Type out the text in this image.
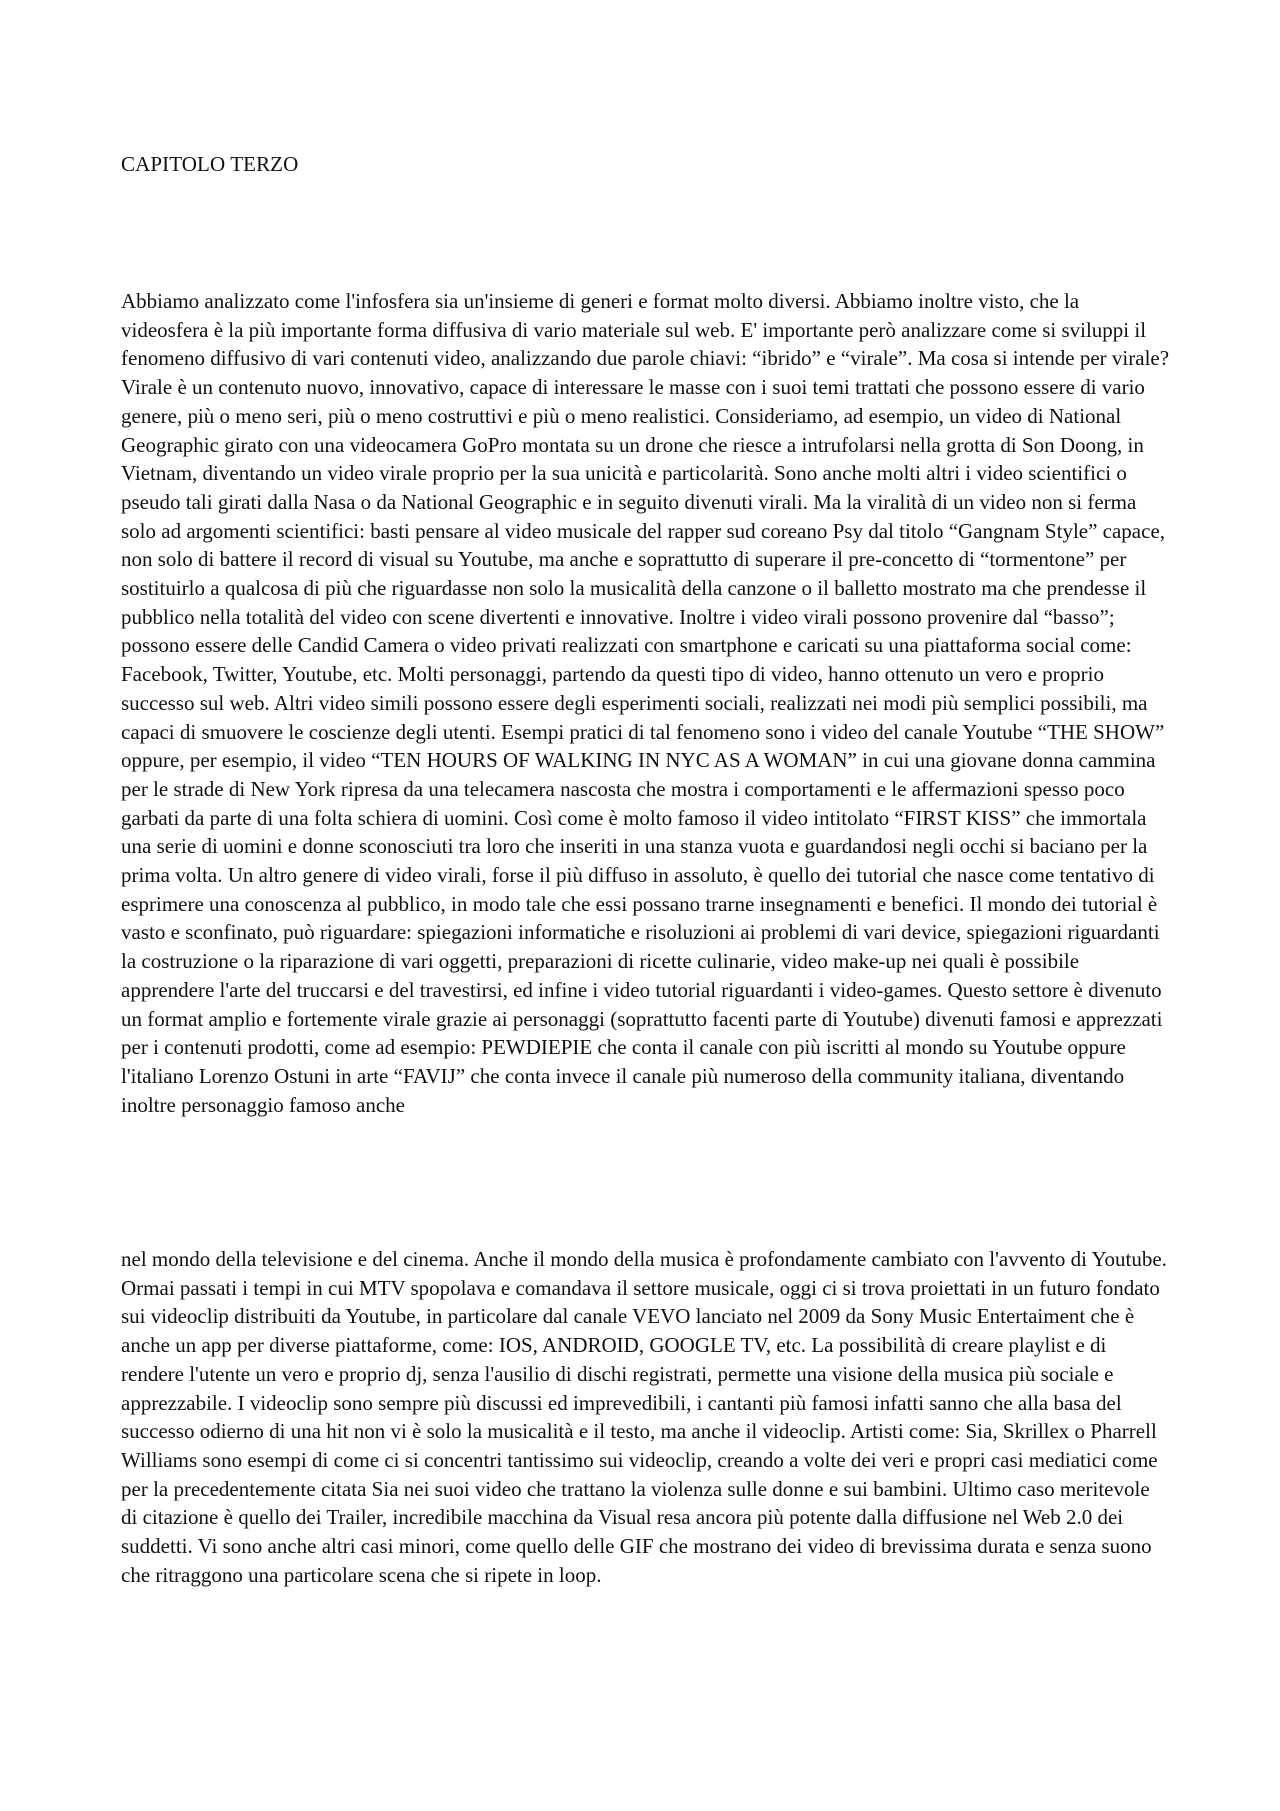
CAPITOLO TERZO

Abbiamo analizzato come l'infosfera sia un'insieme di generi e format molto diversi. Abbiamo inoltre visto, che la videosfera è la più importante forma diffusiva di vario materiale sul web. E' importante però analizzare come si sviluppi il fenomeno diffusivo di vari contenuti video, analizzando due parole chiavi: “ibrido” e “virale”. Ma cosa si intende per virale? Virale è un contenuto nuovo, innovativo, capace di interessare le masse con i suoi temi trattati che possono essere di vario genere, più o meno seri, più o meno costruttivi e più o meno realistici. Consideriamo, ad esempio, un video di National Geographic girato con una videocamera GoPro montata su un drone che riesce a intrufolarsi nella grotta di Son Doong, in Vietnam, diventando un video virale proprio per la sua unicità e particolarità. Sono anche molti altri i video scientifici o pseudo tali girati dalla Nasa o da National Geographic e in seguito divenuti virali. Ma la viralità di un video non si ferma solo ad argomenti scientifici: basti pensare al video musicale del rapper sud coreano Psy dal titolo “Gangnam Style” capace, non solo di battere il record di visual su Youtube, ma anche e soprattutto di superare il pre-concetto di “tormentone” per sostituirlo a qualcosa di più che riguardasse non solo la musicalità della canzone o il balletto mostrato ma che prendesse il pubblico nella totalità del video con scene divertenti e innovative. Inoltre i video virali possono provenire dal “basso”; possono essere delle Candid Camera o video privati realizzati con smartphone e caricati su una piattaforma social come: Facebook, Twitter, Youtube, etc. Molti personaggi, partendo da questi tipo di video, hanno ottenuto un vero e proprio successo sul web. Altri video simili possono essere degli esperimenti sociali, realizzati nei modi più semplici possibili, ma capaci di smuovere le coscienze degli utenti. Esempi pratici di tal fenomeno sono i video del canale Youtube “THE SHOW” oppure, per esempio, il video “TEN HOURS OF WALKING IN NYC AS A WOMAN” in cui una giovane donna cammina per le strade di New York ripresa da una telecamera nascosta che mostra i comportamenti e le affermazioni spesso poco garbati da parte di una folta schiera di uomini. Così come è molto famoso il video intitolato “FIRST KISS” che immortala una serie di uomini e donne sconosciuti tra loro che inseriti in una stanza vuota e guardandosi negli occhi si baciano per la prima volta. Un altro genere di video virali, forse il più diffuso in assoluto, è quello dei tutorial che nasce come tentativo di esprimere una conoscenza al pubblico, in modo tale che essi possano trarne insegnamenti e benefici. Il mondo dei tutorial è vasto e sconfinato, può riguardare: spiegazioni informatiche e risoluzioni ai problemi di vari device, spiegazioni riguardanti la costruzione o la riparazione di vari oggetti, preparazioni di ricette culinarie, video make-up nei quali è possibile apprendere l'arte del truccarsi e del travestirsi, ed infine i video tutorial riguardanti i video-games. Questo settore è divenuto un format amplio e fortemente virale grazie ai personaggi (soprattutto facenti parte di Youtube) divenuti famosi e apprezzati per i contenuti prodotti, come ad esempio: PEWDIEPIE che conta il canale con più iscritti al mondo su Youtube oppure l'italiano Lorenzo Ostuni in arte “FAVIJ” che conta invece il canale più numeroso della community italiana, diventando inoltre personaggio famoso anche

nel mondo della televisione e del cinema. Anche il mondo della musica è profondamente cambiato con l'avvento di Youtube. Ormai passati i tempi in cui MTV spopolava e comandava il settore musicale, oggi ci si trova proiettati in un futuro fondato sui videoclip distribuiti da Youtube, in particolare dal canale VEVO lanciato nel 2009 da Sony Music Entertaiment che è anche un app per diverse piattaforme, come: IOS, ANDROID, GOOGLE TV, etc. La possibilità di creare playlist e di rendere l'utente un vero e proprio dj, senza l'ausilio di dischi registrati, permette una visione della musica più sociale e apprezzabile. I videoclip sono sempre più discussi ed imprevedibili, i cantanti più famosi infatti sanno che alla basa del successo odierno di una hit non vi è solo la musicalità e il testo, ma anche il videoclip. Artisti come: Sia, Skrillex o Pharrell Williams sono esempi di come ci si concentri tantissimo sui videoclip, creando a volte dei veri e propri casi mediatici come per la precedentemente citata Sia nei suoi video che trattano la violenza sulle donne e sui bambini. Ultimo caso meritevole di citazione è quello dei Trailer, incredibile macchina da Visual resa ancora più potente dalla diffusione nel Web 2.0 dei suddetti. Vi sono anche altri casi minori, come quello delle GIF che mostrano dei video di brevissima durata e senza suono che ritraggono una particolare scena che si ripete in loop.
